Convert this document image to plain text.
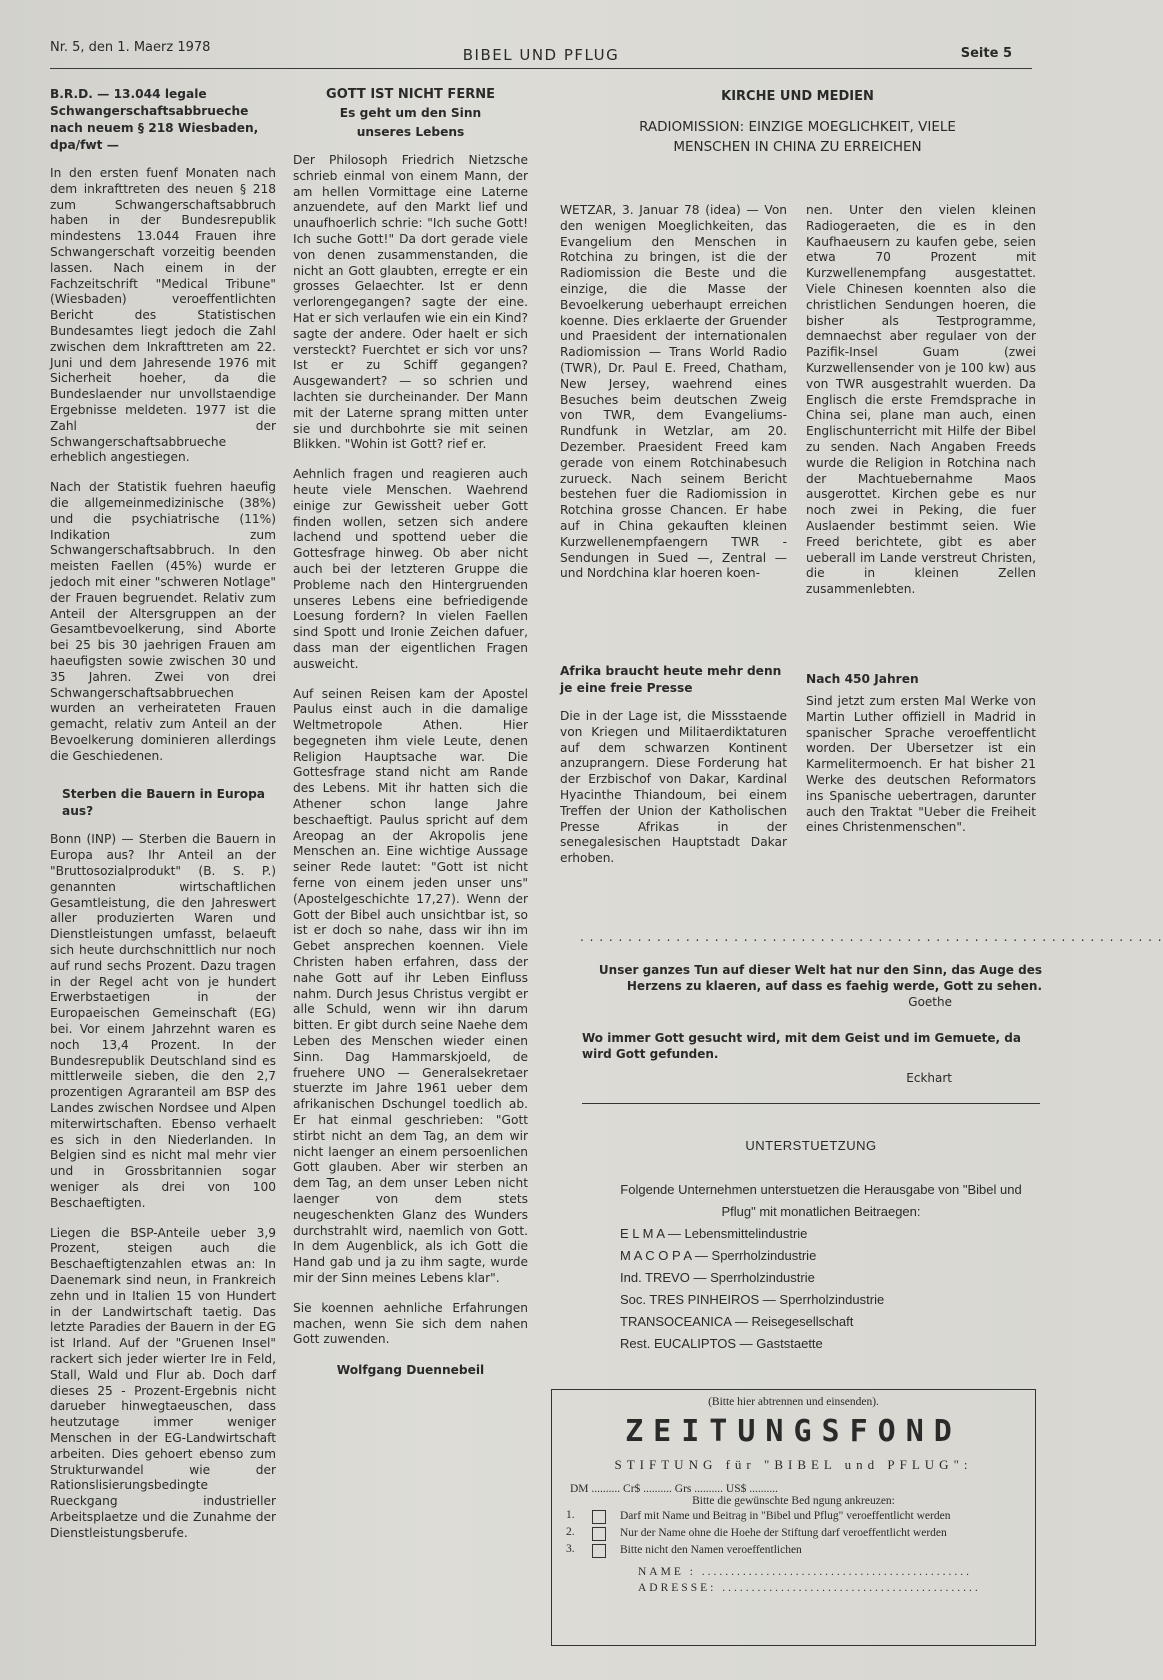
Nr. 5, den 1. Maerz 1978	BIBEL UND PFLUG	Seite 5
B.R.D. — 13.044 legale Schwangerschaftsabbrueche nach neuem § 218 Wiesbaden, dpa/fwt —

In den ersten fuenf Monaten nach dem inkrafttreten des neuen § 218 zum Schwangerschaftsabbruch haben in der Bundesrepublik mindestens 13.044 Frauen ihre Schwangerschaft vorzeitig beenden lassen. Nach einem in der Fachzeitschrift "Medical Tribune" (Wiesbaden) veroeffentlichten Bericht des Statistischen Bundesamtes liegt jedoch die Zahl zwischen dem Inkrafttreten am 22. Juni und dem Jahresende 1976 mit Sicherheit hoeher, da die Bundeslaender nur unvollstaendige Ergebnisse meldeten. 1977 ist die Zahl der Schwangerschaftsabbrueche erheblich angestiegen.

Nach der Statistik fuehren haeufig die allgemeinmedizinische (38%) und die psychiatrische (11%) Indikation zum Schwangerschaftsabbruch. In den meisten Faellen (45%) wurde er jedoch mit einer "schweren Notlage" der Frauen begruendet. Relativ zum Anteil der Altersgruppen an der Gesamtbevoelkerung, sind Aborte bei 25 bis 30 jaehrigen Frauen am haeufigsten sowie zwischen 30 und 35 Jahren. Zwei von drei Schwangerschaftsabbruechen wurden an verheirateten Frauen gemacht, relativ zum Anteil an der Bevoelkerung dominieren allerdings die Geschiedenen.

Sterben die Bauern in Europa aus?

Bonn (INP) — Sterben die Bauern in Europa aus? Ihr Anteil an der "Bruttosozialprodukt" (B. S. P.) genannten wirtschaftlichen Gesamtleistung, die den Jahreswert aller produzierten Waren und Dienstleistungen umfasst, belaeuft sich heute durchschnittlich nur noch auf rund sechs Prozent. Dazu tragen in der Regel acht von je hundert Erwerbstaetigen in der Europaeischen Gemeinschaft (EG) bei. Vor einem Jahrzehnt waren es noch 13,4 Prozent. In der Bundesrepublik Deutschland sind es mittlerweile sieben, die den 2,7 prozentigen Agraranteil am BSP des Landes zwischen Nordsee und Alpen miterwirtschaften. Ebenso verhaelt es sich in den Niederlanden. In Belgien sind es nicht mal mehr vier und in Grossbritannien sogar weniger als drei von 100 Beschaeftigten.

Liegen die BSP-Anteile ueber 3,9 Prozent, steigen auch die Beschaeftigtenzahlen etwas an: In Daenemark sind neun, in Frankreich zehn und in Italien 15 von Hundert in der Landwirtschaft taetig. Das letzte Paradies der Bauern in der EG ist Irland. Auf der "Gruenen Insel" rackert sich jeder wierter Ire in Feld, Stall, Wald und Flur ab. Doch darf dieses 25 - Prozent-Ergebnis nicht darueber hinwegtaeuschen, dass heutzutage immer weniger Menschen in der EG-Landwirtschaft arbeiten. Dies gehoert ebenso zum Strukturwandel wie der Rationslisierungsbedingte Rueckgang industrieller Arbeitsplaetze und die Zunahme der Dienstleistungsberufe.

GOTT IST NICHT FERNE
Es geht um den Sinn
unseres Lebens

Der Philosoph Friedrich Nietzsche schrieb einmal von einem Mann, der am hellen Vormittage eine Laterne anzuendete, auf den Markt lief und unaufhoerlich schrie: "Ich suche Gott! Ich suche Gott!" Da dort gerade viele von denen zusammenstanden, die nicht an Gott glaubten, erregte er ein grosses Gelaechter. Ist er denn verlorengegangen? sagte der eine. Hat er sich verlaufen wie ein ein Kind? sagte der andere. Oder haelt er sich versteckt? Fuerchtet er sich vor uns? Ist er zu Schiff gegangen? Ausgewandert? — so schrien und lachten sie durcheinander. Der Mann mit der Laterne sprang mitten unter sie und durchbohrte sie mit seinen Blikken. "Wohin ist Gott? rief er.

Aehnlich fragen und reagieren auch heute viele Menschen. Waehrend einige zur Gewissheit ueber Gott finden wollen, setzen sich andere lachend und spottend ueber die Gottesfrage hinweg. Ob aber nicht auch bei der letzteren Gruppe die Probleme nach den Hintergruenden unseres Lebens eine befriedigende Loesung fordern? In vielen Faellen sind Spott und Ironie Zeichen dafuer, dass man der eigentlichen Fragen ausweicht.

Auf seinen Reisen kam der Apostel Paulus einst auch in die damalige Weltmetropole Athen. Hier begegneten ihm viele Leute, denen Religion Hauptsache war. Die Gottesfrage stand nicht am Rande des Lebens. Mit ihr hatten sich die Athener schon lange Jahre beschaeftigt. Paulus spricht auf dem Areopag an der Akropolis jene Menschen an. Eine wichtige Aussage seiner Rede lautet: "Gott ist nicht ferne von einem jeden unser uns" (Apostelgeschichte 17,27). Wenn der Gott der Bibel auch unsichtbar ist, so ist er doch so nahe, dass wir ihn im Gebet ansprechen koennen. Viele Christen haben erfahren, dass der nahe Gott auf ihr Leben Einfluss nahm. Durch Jesus Christus vergibt er alle Schuld, wenn wir ihn darum bitten. Er gibt durch seine Naehe dem Leben des Menschen wieder einen Sinn. Dag Hammarskjoeld, de fruehere UNO — Generalsekretaer stuerzte im Jahre 1961 ueber dem afrikanischen Dschungel toedlich ab. Er hat einmal geschrieben: "Gott stirbt nicht an dem Tag, an dem wir nicht laenger an einem persoenlichen Gott glauben. Aber wir sterben an dem Tag, an dem unser Leben nicht laenger von dem stets neugeschenkten Glanz des Wunders durchstrahlt wird, naemlich von Gott. In dem Augenblick, als ich Gott die Hand gab und ja zu ihm sagte, wurde mir der Sinn meines Lebens klar".

Sie koennen aehnliche Erfahrungen machen, wenn Sie sich dem nahen Gott zuwenden.

Wolfgang Duennebeil
KIRCHE UND MEDIEN
RADIOMISSION: EINZIGE MOEGLICHKEIT, VIELE MENSCHEN IN CHINA ZU ERREICHEN

WETZAR, 3. Januar 78 (idea) — Von den wenigen Moeglichkeiten, das Evangelium den Menschen in Rotchina zu bringen, ist die der Radiomission die Beste und die einzige, die die Masse der Bevoelkerung ueberhaupt erreichen koenne. Dies erklaerte der Gruender und Praesident der internationalen Radiomission — Trans World Radio (TWR), Dr. Paul E. Freed, Chatham, New Jersey, waehrend eines Besuches beim deutschen Zweig von TWR, dem Evangeliums-Rundfunk in Wetzlar, am 20. Dezember. Praesident Freed kam gerade von einem Rotchinabesuch zurueck. Nach seinem Bericht bestehen fuer die Radiomission in Rotchina grosse Chancen. Er habe auf in China gekauften kleinen Kurzwellenempfaengern TWR - Sendungen in Sued —, Zentral — und Nordchina klar hoeren koen-

nen. Unter den vielen kleinen Radiogeraeten, die es in den Kaufhaeusern zu kaufen gebe, seien etwa 70 Prozent mit Kurzwellenempfang ausgestattet. Viele Chinesen koennten also die christlichen Sendungen hoeren, die bisher als Testprogramme, demnaechst aber regulaer von der Pazifik-Insel Guam (zwei Kurzwellensender von je 100 kw) aus von TWR ausgestrahlt wuerden. Da Englisch die erste Fremdsprache in China sei, plane man auch, einen Englischunterricht mit Hilfe der Bibel zu senden. Nach Angaben Freeds wurde die Religion in Rotchina nach der Machtuebernahme Maos ausgerottet. Kirchen gebe es nur noch zwei in Peking, die fuer Auslaender bestimmt seien. Wie Freed berichtete, gibt es aber ueberall im Lande verstreut Christen, die in kleinen Zellen zusammenlebten.

Afrika braucht heute mehr denn je eine freie Presse

Die in der Lage ist, die Missstaende von Kriegen und Militaerdiktaturen auf dem schwarzen Kontinent anzuprangern. Diese Forderung hat der Erzbischof von Dakar, Kardinal Hyacinthe Thiandoum, bei einem Treffen der Union der Katholischen Presse Afrikas in der senegalesischen Hauptstadt Dakar erhoben.

Nach 450 Jahren

Sind jetzt zum ersten Mal Werke von Martin Luther offiziell in Madrid in spanischer Sprache veroeffentlicht worden. Der Ubersetzer ist ein Karmelitermoench. Er hat bisher 21 Werke des deutschen Reformators ins Spanische uebertragen, darunter auch den Traktat "Ueber die Freiheit eines Christenmenschen".

. . . . . . . . . . . . . . . . . . . . . . . . . . . . . . . . . . . . . . . . . . . . . . . . . . . . . . . . . . . . .
Unser ganzes Tun auf dieser Welt hat nur den Sinn, das Auge des Herzens zu klaeren, auf dass es faehig werde, Gott zu sehen.
Goethe
Wo immer Gott gesucht wird, mit dem Geist und im Gemuete, da wird Gott gefunden.
Eckhart
UNTERSTUETZUNG
Folgende Unternehmen unterstuetzen die Herausgabe von "Bibel und Pflug" mit monatlichen Beitraegen:
E L M A — Lebensmittelindustrie
M A C O P A — Sperrholzindustrie
Ind. TREVO — Sperrholzindustrie
Soc. TRES PINHEIROS — Sperrholzindustrie
TRANSOCEANICA — Reisegesellschaft
Rest. EUCALIPTOS — Gaststaette
(Bitte hier abtrennen und einsenden).
ZEITUNGSFOND
STIFTUNG für "BIBEL und PFLUG":
DM .......... Cr$ .......... Grs .......... US$ ..........
Bitte die gewünschte Bed ngung ankreuzen:
1.	Darf mit Name und Beitrag in "Bibel und Pflug" veroeffentlicht werden
2.	Nur der Name ohne die Hoehe der Stiftung darf veroeffentlicht werden
3.	Bitte nicht den Namen veroeffentlichen
NAME : ..............................................
ADRESSE: ............................................
